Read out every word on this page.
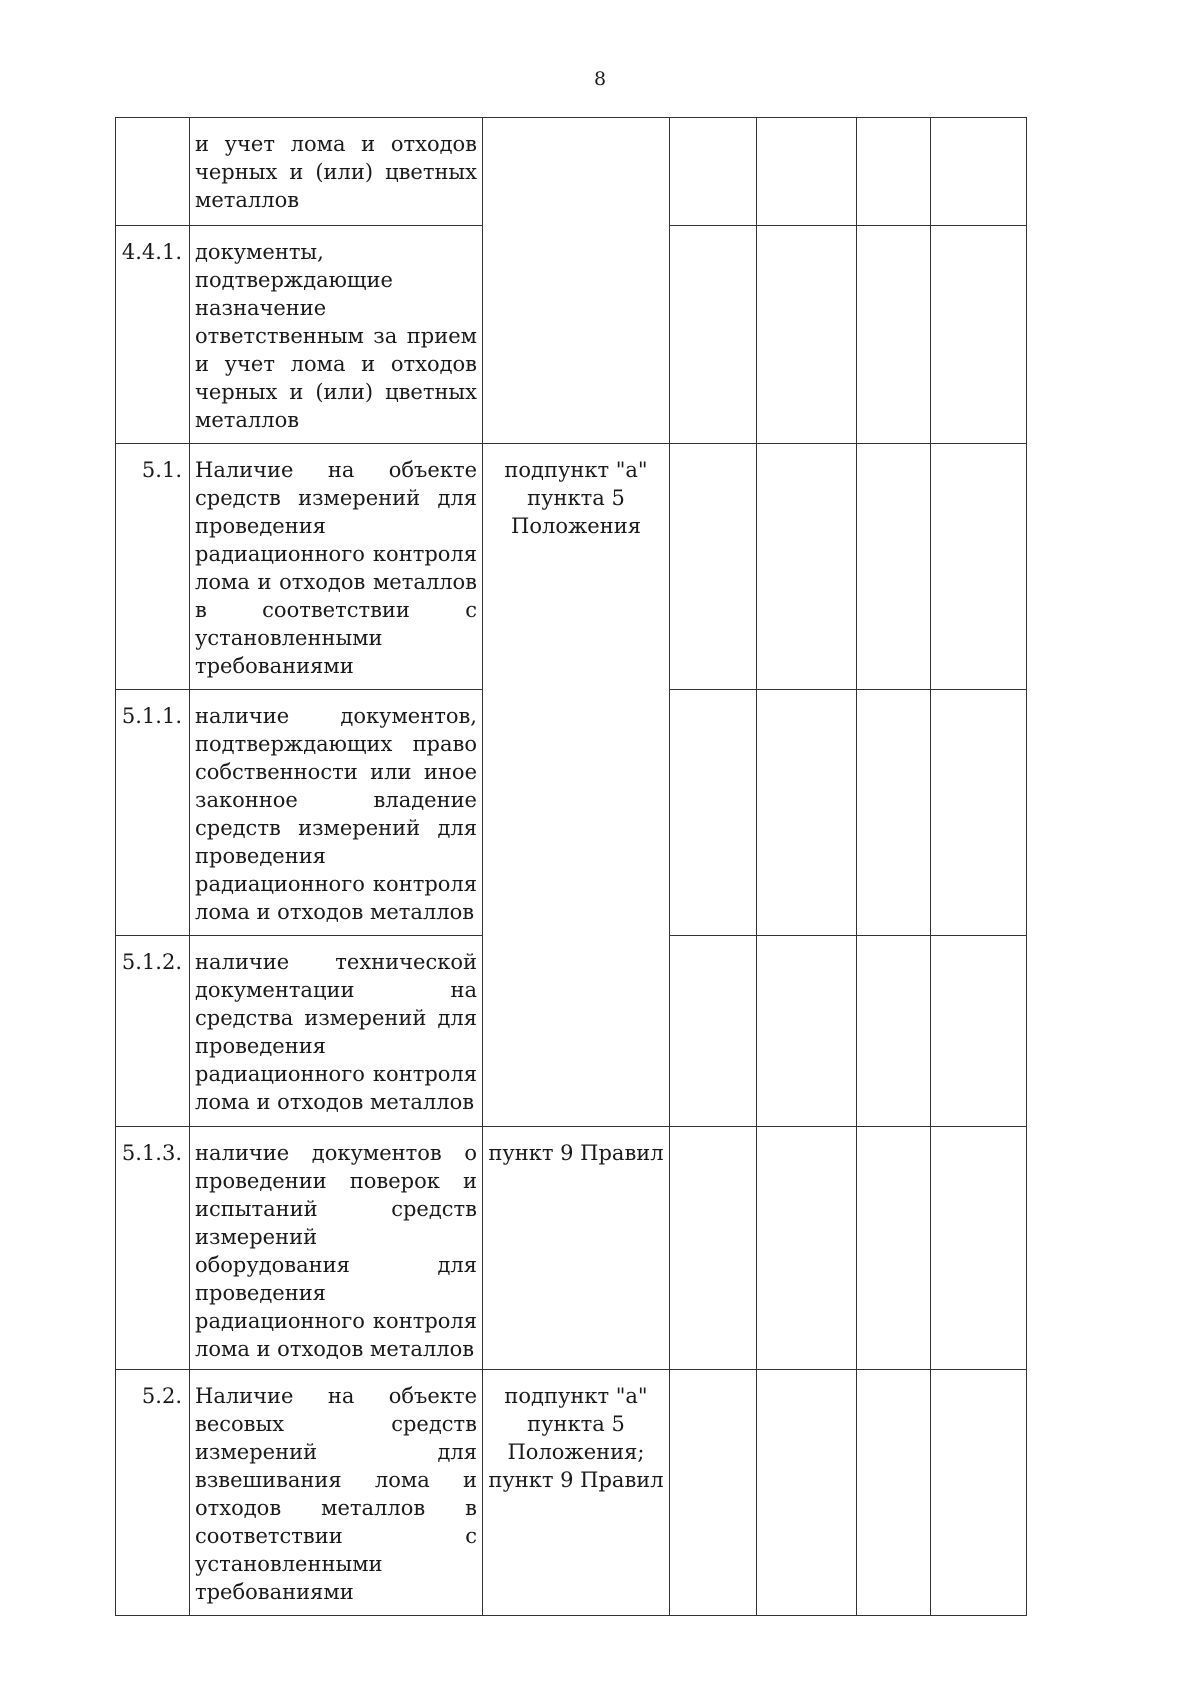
8
	и учет лома и отходов черных и (или) цветных металлов					
4.4.1.	документы, подтверждающие назначение ответственным за прием и учет лома и отходов черных и (или) цветных металлов					
5.1.	Наличие на объекте средств измерений для проведения радиационного контроля лома и отходов металлов в соответствии с установленными требованиями	подпункт "а" пункта 5 Положения				
5.1.1.	наличие документов, подтверждающих право собственности или иное законное владение средств измерений для проведения радиационного контроля лома и отходов металлов					
5.1.2.	наличие технической документации на средства измерений для проведения радиационного контроля лома и отходов металлов					
5.1.3.	наличие документов о проведении поверок и испытаний средств измерений оборудования для проведения радиационного контроля лома и отходов металлов	пункт 9 Правил				
5.2.	Наличие на объекте весовых средств измерений для взвешивания лома и отходов металлов в соответствии с установленными требованиями	подпункт "а" пункта 5 Положения; пункт 9 Правил				
